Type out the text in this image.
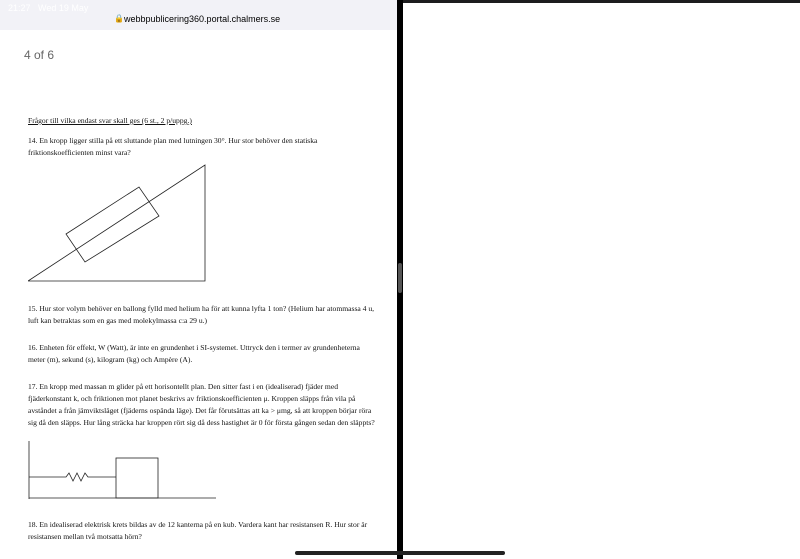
21:27 Wed 19 May
◠ 21 %
🔒 webbpublicering360.portal.chalmers.se
4 of 6
Frågor till vilka endast svar skall ges (6 st., 2 p/uppg.)

14. En kropp ligger stilla på ett sluttande plan med lutningen 30°. Hur stor behöver den statiska friktionskoefficienten minst vara?

15. Hur stor volym behöver en ballong fylld med helium ha för att kunna lyfta 1 ton? (Helium har atommassa 4 u, luft kan betraktas som en gas med molekylmassa c:a 29 u.)

16. Enheten för effekt, W (Watt), är inte en grundenhet i SI-systemet. Uttryck den i termer av grundenheterna meter (m), sekund (s), kilogram (kg) och Ampère (A).

17. En kropp med massan m glider på ett horisontellt plan. Den sitter fast i en (idealiserad) fjäder med fjäderkonstant k, och friktionen mot planet beskrivs av friktionskoefficienten μ. Kroppen släpps från vila på avståndet a från jämviktsläget (fjäderns ospända läge). Det får förutsättas att ka > μmg, så att kroppen börjar röra sig då den släpps. Hur lång sträcka har kroppen rört sig då dess hastighet är 0 för första gången sedan den släppts?

18. En idealiserad elektrisk krets bildas av de 12 kanterna på en kub. Vardera kant har resistansen R. Hur stor är resistansen mellan två motsatta hörn?
